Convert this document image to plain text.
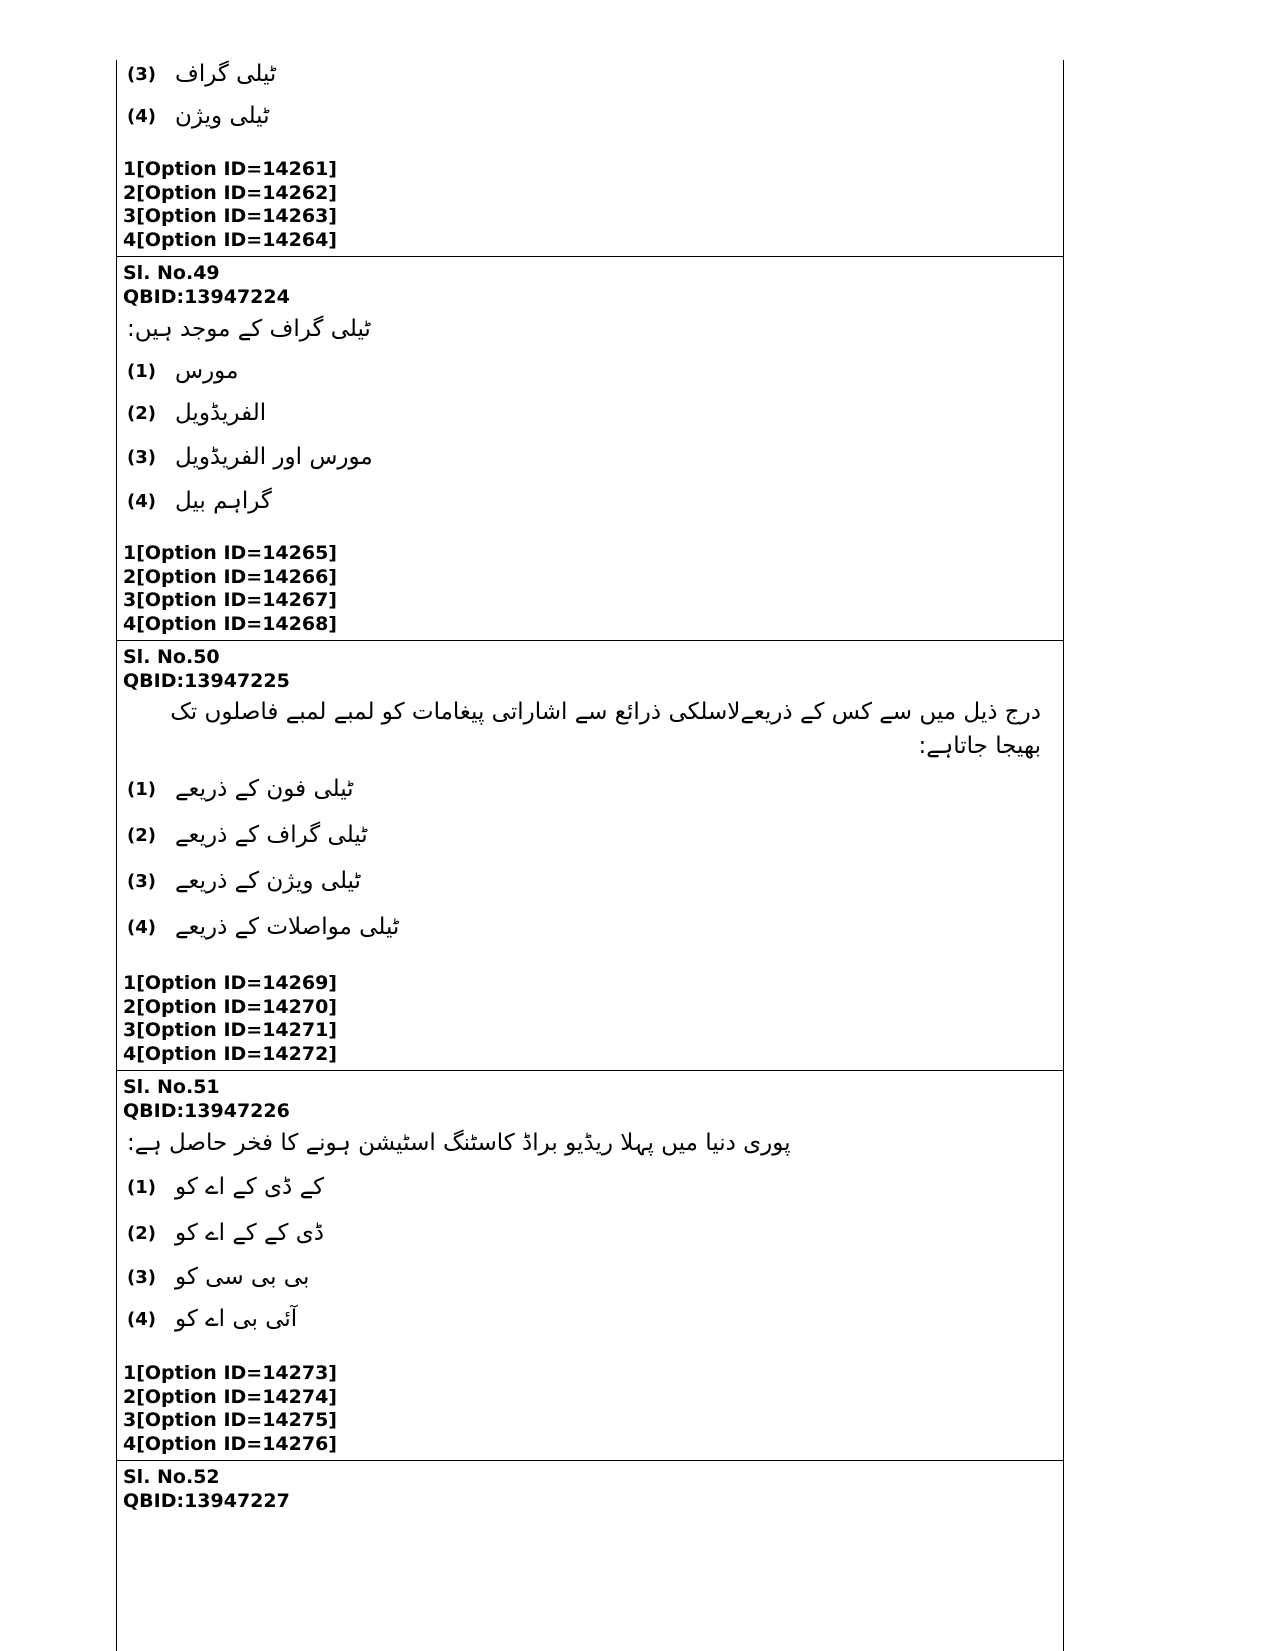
(3) ٹیلی گراف
(4) ٹیلی ویژن
1[Option ID=14261]
2[Option ID=14262]
3[Option ID=14263]
4[Option ID=14264]
Sl. No.49
QBID:13947224
ٹیلی گراف کے موجد ہیں:
(1) مورس
(2) الفریڈویل
(3) مورس اور الفریڈویل
(4) گراہم بیل
1[Option ID=14265]
2[Option ID=14266]
3[Option ID=14267]
4[Option ID=14268]
Sl. No.50
QBID:13947225
درج ذیل میں سے کس کے ذریعےلاسلکی ذرائع سے اشاراتی پیغامات کو لمبے لمبے فاصلوں تک بھیجا جاتاہے:
(1) ٹیلی فون کے ذریعے
(2) ٹیلی گراف کے ذریعے
(3) ٹیلی ویژن کے ذریعے
(4) ٹیلی مواصلات کے ذریعے
1[Option ID=14269]
2[Option ID=14270]
3[Option ID=14271]
4[Option ID=14272]
Sl. No.51
QBID:13947226
پوری دنیا میں پہلا ریڈیو براڈ کاسٹنگ اسٹیشن ہونے کا فخر حاصل ہے:
(1) کے ڈی کے اے کو
(2) ڈی کے کے اے کو
(3) بی بی سی کو
(4) آئی بی اے کو
1[Option ID=14273]
2[Option ID=14274]
3[Option ID=14275]
4[Option ID=14276]
Sl. No.52
QBID:13947227
